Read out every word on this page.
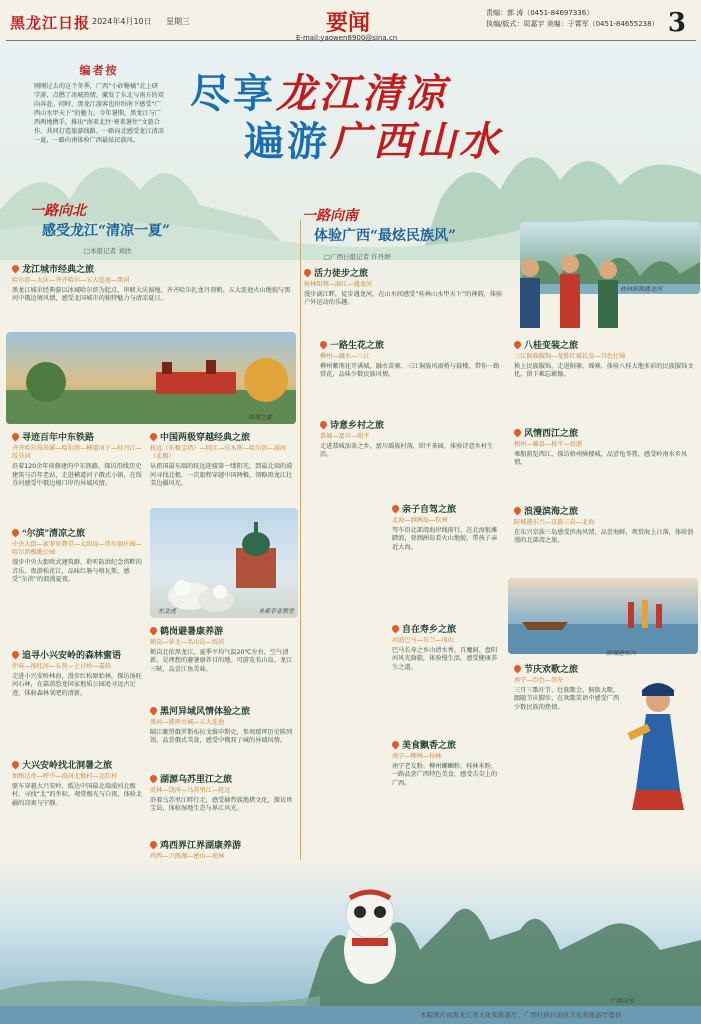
黑龙江日报 2024年4月10日 星期三	要闻
E-mail:yaowen8900@sina.cn
责编：郭 涛（0451-84697336）
执编/版式：周嘉宇 美编：于霄军（0451-84655238） 3
编者按
刚刚过去的这个冬季，广西“小砂糖橘”北上研学游，点燃了冰城热情，激发了东北与南方的双向奔赴。同时，黑龙江游客也纷纷南下感受“广西山水甲天下”的魅力。今年暑期，黑龙江与广西两地携手，推出“南来北往·寒来暑往”文旅合作，共同打造旅游线路，一路向北感受龙江清凉一夏，一路向南体验广西最炫民族风。
尽享龙江清凉
遍游广西山水
一路向北
感受龙江“清凉一夏”
□本报记者 刘欣
一路向南
体验广西“最炫民族风”
□广西日报记者 许丹婷
冰城之夏
龙江城市经典之旅
哈尔滨—大庆—齐齐哈尔—五大连池—黑河
黑龙江城市经典游以冰城哈尔滨为起点，串联大庆湿地、齐齐哈尔扎龙丹顶鹤、五大连池火山地貌与黑河中俄边境风情，感受北国城市的独特魅力与清凉夏日。
寻迹百年中东铁路
齐齐哈尔昂昂溪—哈尔滨—横道河子—牡丹江—绥芬河
沿着120余年前修建的中东铁路，探访沿线历史建筑与百年老站，走进横道河子俄式小镇，在绥芬河感受中俄边境口岸的异域风情。
“尔滨”清凉之旅
中央大街—索菲亚教堂—太阳岛—伏尔加庄园—哈尔滨极地公园
漫步中央大街欧式建筑群，聆听防洪纪念塔畔的音乐，夜游松花江，品味红肠与格瓦斯，感受“尔滨”的浪漫夏夜。
追寻小兴安岭的森林蜜语
伊春—汤旺河—五营—上甘岭—嘉荫
走进小兴安岭林海，漫步红松原始林，探访汤旺河石林，在嘉荫恐龙国家地质公园追寻远古足迹，体验森林氧吧的清新。
大兴安岭找北洞暑之旅
加格达奇—呼中—漠河北极村—北红村
驱车穿越大兴安岭，抵达中国最北端漠河北极村，寻找“北”的坐标，观赏极光与白夜，体验北疆的凉爽与宁静。
中国两极穿越经典之旅
抚远（东极宝塔）—同江—佳木斯—哈尔滨—漠河（北极）
从祖国最东端的抚远迎接第一缕阳光，到最北端的漠河寻找北极，一次旅程穿越中国两极，领略黑龙江壮美边疆风光。
东北虎	圣索菲亚教堂
鹤岗避暑康养游
鹤岗—萝北—名山岛—绥滨
鹤岗北依黑龙江，夏季平均气温20℃左右，空气清新，是理想的避暑康养目的地。可游览名山岛、龙江三峡，品尝江鱼美味。
黑河异域风情体验之旅
黑河—瑷珲古城—五大连池
隔江眺望俄罗斯布拉戈维申斯克，参观瑷珲历史陈列馆，品尝俄式美食，感受中俄双子城的异域风情。
湖源乌苏里江之旅
虎林—饶河—乌苏里江—抚远
沿着乌苏里江畔行走，感受赫哲族渔猎文化，探访珍宝岛，体验湿地生态与界江风光。
鸡西界江界湖康养游
鸡西—兴凯湖—密山—虎林
桂林阳朔遇龙河
活力徒步之旅
桂林阳朔—漓江—遇龙河
漫步漓江畔，徒步遇龙河，在山水间感受“桂林山水甲天下”的神韵，体验户外运动的乐趣。
一路生花之旅
柳州—融水—三江
柳州紫荆花开满城，融水苗寨、三江侗族风雨桥与鼓楼，带你一路赏花，品味少数民族风情。
诗意乡村之旅
恭城—富川—昭平
走进恭城油茶之乡，富川瑶族村落，昭平茶园，体验诗意乡村生活。
亲子自驾之旅
北海—涠洲岛—钦州
驾车沿北部湾海岸线前行，在北海银滩踏浪，登涠洲岛看火山地貌，带孩子亲近大海。
自在寿乡之旅
河池巴马—东兰—凤山
巴马长寿之乡山清水秀，百魔洞、盘阳河风光旖旎，体验慢生活，感受健康养生之道。
美食飘香之旅
南宁—柳州—桂林
南宁老友粉、柳州螺蛳粉、桂林米粉，一路品尝广西特色美食，感受舌尖上的广西。
八桂变装之旅
三江侗族服饰—龙胜红瑶长发—百色壮锦
换上民族服饰，走进侗寨、瑶寨，体验八桂大地多彩的民族服饰文化，留下难忘影像。
风情西江之旅
梧州—藤县—桂平—贵港
乘船游览西江，探访梧州骑楼城，品尝龟苓膏，感受岭南水乡风情。
浪漫滨海之旅
防城港东兴—京族三岛—北海
在东兴京族三岛感受滨海风情，品尝海鲜，观赏海上日落，体验浪漫的北部湾之旅。
防城港东兴
节庆欢歌之旅
南宁—百色—崇左
三月三歌圩节、壮族歌会、侗族大歌，跟随节庆脚步，在欢歌笑语中感受广西少数民族的热情。
广西山水
本版图片由黑龙江省文化和旅游厅、广西壮族自治区文化和旅游厅提供
